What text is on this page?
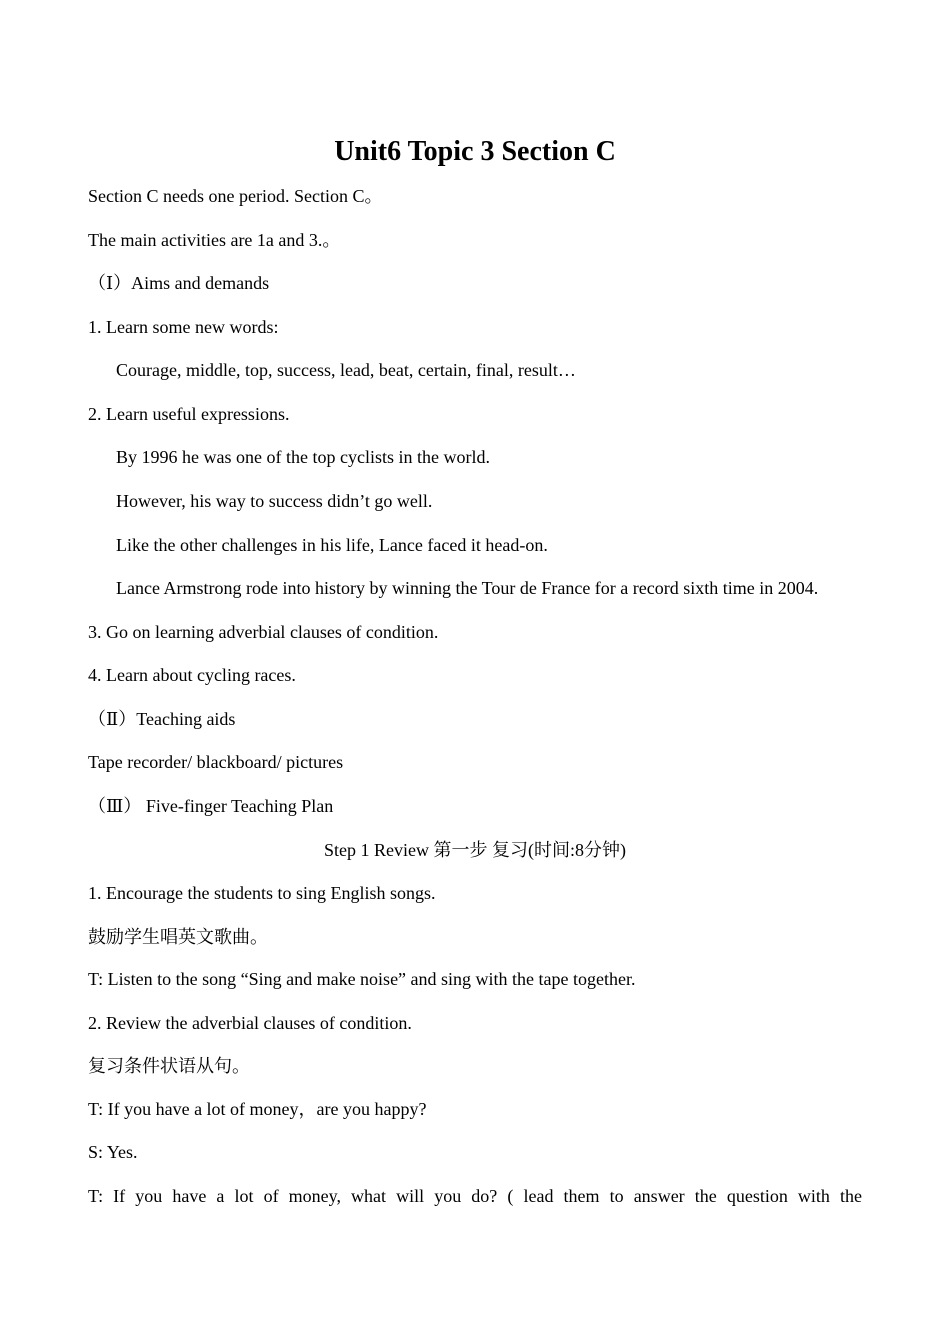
Unit6 Topic 3 Section C
Section C needs one period. Section C。
The main activities are 1a and 3.。
（Ⅰ）Aims and demands
1. Learn some new words:
Courage, middle, top, success, lead, beat, certain, final, result…
2. Learn useful expressions.
By 1996 he was one of the top cyclists in the world.
However, his way to success didn’t go well.
Like the other challenges in his life, Lance faced it head-on.
Lance Armstrong rode into history by winning the Tour de France for a record sixth time in 2004.
3. Go on learning adverbial clauses of condition.
4. Learn about cycling races.
（Ⅱ）Teaching aids
Tape recorder/ blackboard/ pictures
（Ⅲ） Five-finger Teaching Plan
Step 1 Review 第一步 复习(时间:8分钟)
1. Encourage the students to sing English songs.
鼓励学生唱英文歌曲。
T: Listen to the song “Sing and make noise” and sing with the tape together.
2. Review the adverbial clauses of condition.
复习条件状语从句。
T: If you have a lot of money，are you happy?
S: Yes.
T: If you have a lot of money, what will you do? ( lead them to answer the question with the
